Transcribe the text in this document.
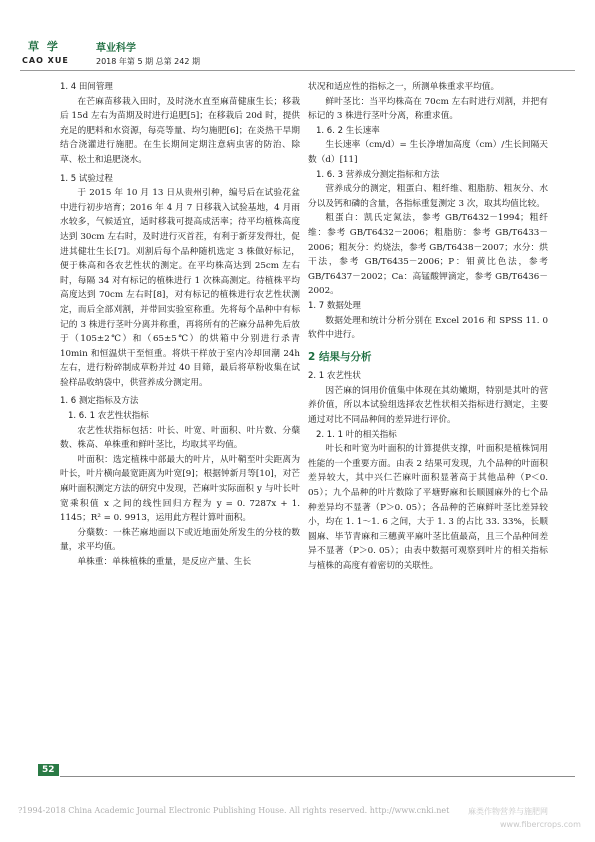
草 学	草业科学
CAO XUE	2018 年第 5 期 总第 242 期
1. 4 田间管理

在芒麻苗移栽入田时，及时浇水直至麻苗健康生长；移栽后 15d 左右为苗期及时进行追肥[5]；在移栽后 20d 时，提供充足的肥料和水资源，每亮等量、均匀施肥[6]；在炎热干旱期结合浇灌进行施肥。在生长期间定期注意病虫害的防治、除草、松土和追肥浇水。

1. 5 试验过程

于 2015 年 10 月 13 日从贵州引种，编号后在试验花盆中进行初步培育；2016 年 4 月 7 日移栽入试验基地，4 月雨水较多，气候适宜，适时移栽可提高成活率；待平均植株高度达到 30cm 左右时，及时进行灭首茬，有利于新芽发得壮，促进其健壮生长[7]。刈割后每个品种随机选定 3 株做好标记，便于株高和各农艺性状的测定。在平均株高达到 25cm 左右时，每隔 34 对有标记的植株进行 1 次株高测定。待植株平均高度达到 70cm 左右时[8]，对有标记的植株进行农艺性状测定，而后全部刈割，并带回实验室称重。先将每个品种中有标记的 3 株进行茎叶分离并称重，再将所有的芒麻分品种先后放于（105±2℃）和（65±5℃）的烘箱中分别进行杀青 10min 和恒温烘干至恒重。将烘干样放于室内冷却回潮 24h 左右，进行粉碎制成草粉并过 40 目筛，最后将草粉收集在试验样品收纳袋中，供营养成分测定用。

1. 6 测定指标及方法
1. 6. 1 农艺性状指标

农艺性状指标包括：叶长、叶宽、叶面积、叶片数、分蘖数、株高、单株重和鲜叶茎比，均取其平均值。

叶面积：选定植株中部最大的叶片，从叶鞘至叶尖距离为叶长，叶片横向最宽距离为叶宽[9]；根据钟新月等[10]，对芒麻叶面积测定方法的研究中发现，芒麻叶实际面积 y 与叶长叶宽乘积值 x 之间的线性回归方程为 y = 0. 7287x + 1. 1145；R² = 0. 9913，运用此方程计算叶面积。

分蘖数：一株芒麻地面以下或近地面处所发生的分枝的数量，求平均值。

单株重：单株植株的重量，是反应产量、生长

状况和适应性的指标之一，所测单株重求平均值。

鲜叶茎比：当平均株高在 70cm 左右时进行刈割，并把有标记的 3 株进行茎叶分离，称重求值。

1. 6. 2 生长速率

生长速率（cm/d）= 生长净增加高度（cm）/生长间隔天数（d）[11]

1. 6. 3 营养成分测定指标和方法

营养成分的测定，粗蛋白、粗纤维、粗脂肪、粗灰分、水分以及钙和磷的含量，各指标重复测定 3 次，取其均值比较。

粗蛋白：凯氏定氮法，参考 GB/T6432－1994；粗纤维：参考 GB/T6432－2006；粗脂肪：参考 GB/T6433－2006；粗灰分：灼烧法，参考 GB/T6438－2007；水分：烘干法，参考 GB/T6435－2006；P：钼黄比色法，参考 GB/T6437－2002；Ca：高锰酸钾滴定，参考 GB/T6436－2002。

1. 7 数据处理

数据处理和统计分析分别在 Excel 2016 和 SPSS 11. 0 软件中进行。

2 结果与分析
2. 1 农艺性状

因芒麻的饲用价值集中体现在其幼嫩期，特别是其叶的营养价值，所以本试验组选择农艺性状相关指标进行测定，主要通过对比不同品种间的差异进行评价。

2. 1. 1 叶的相关指标

叶长和叶宽为叶面积的计算提供支撑，叶面积是植株饲用性能的一个重要方面。由表 2 结果可发现，九个品种的叶面积差异较大，其中兴仁芒麻叶面积显著高于其他品种（P＜0. 05）；九个品种的叶片数除了平塘野麻和长顺圆麻外的七个品种差异均不显著（P＞0. 05）；各品种的芒麻鲜叶茎比差异较小，均在 1. 1～1. 6 之间，大于 1. 3 的占比 33. 33%，长顺圆麻、毕节青麻和三穗黄平麻叶茎比值最高，且三个品种间差异不显著（P＞0. 05）；由表中数据可观察到叶片的相关指标与植株的高度有着密切的关联性。

52
?1994-2018 China Academic Journal Electronic Publishing House. All rights reserved. http://www.cnki.net 麻类作物营养与施肥网
www.fibercrops.com
